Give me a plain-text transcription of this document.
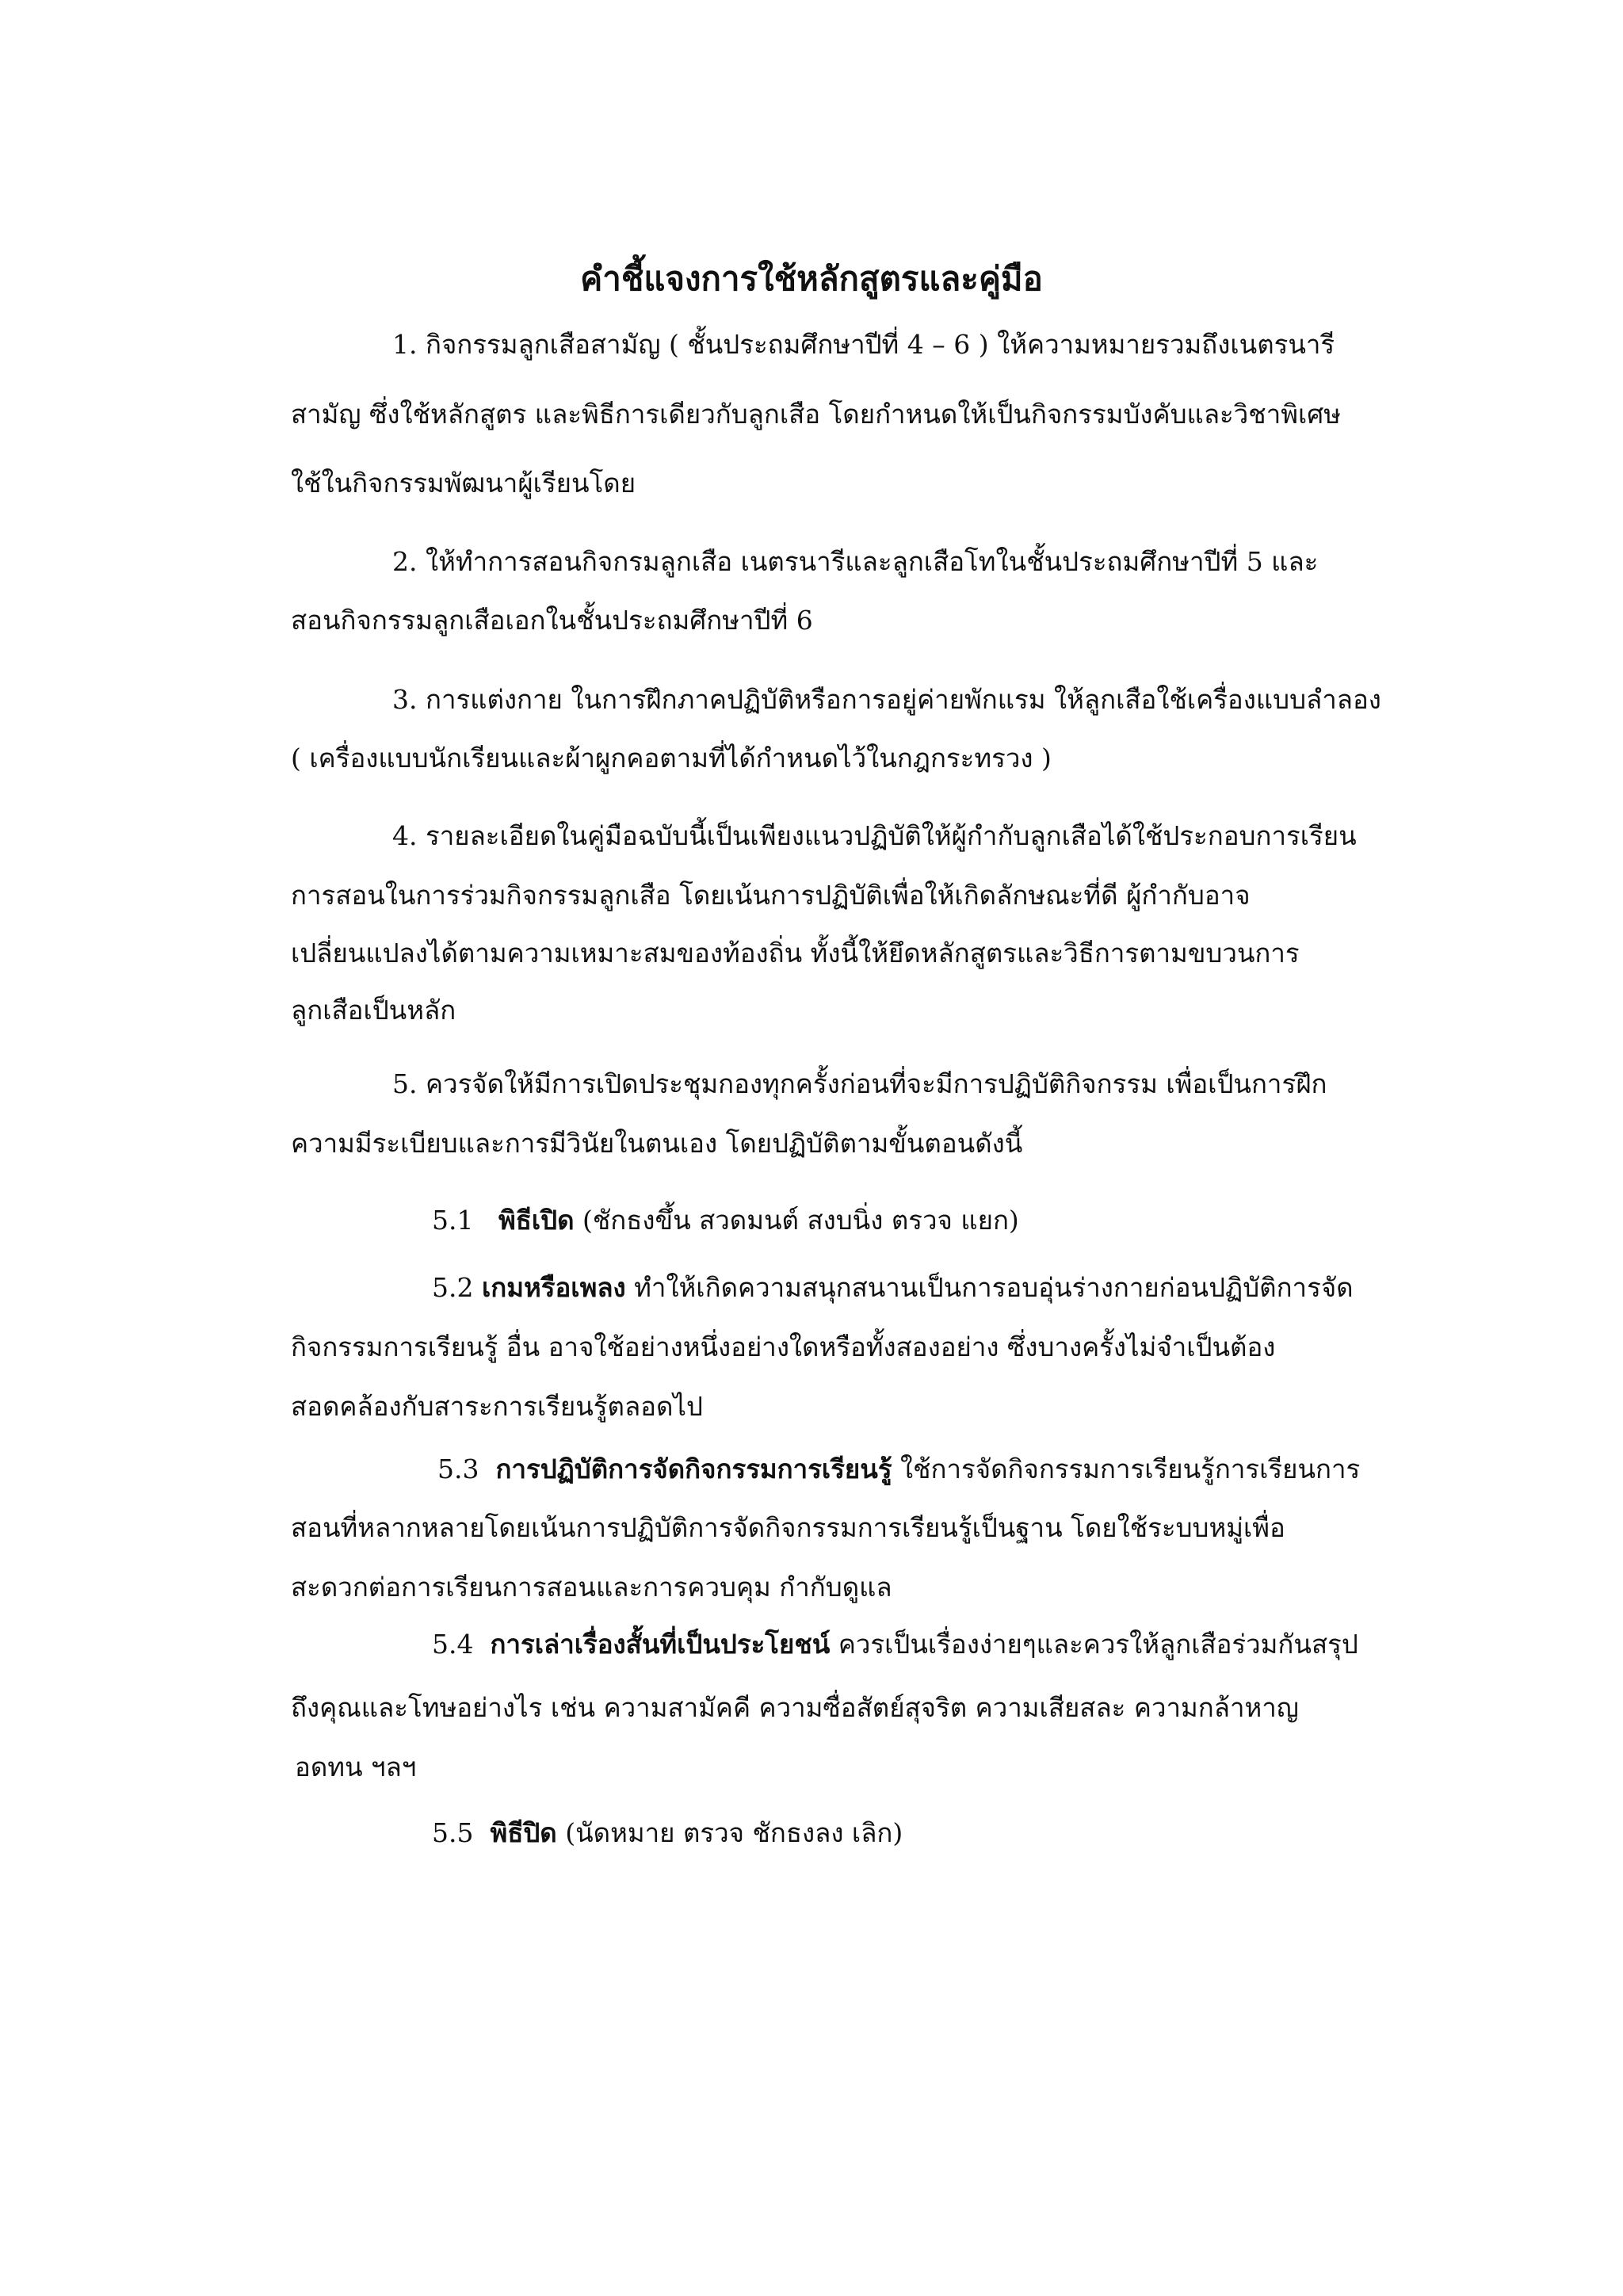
คำชี้แจงการใช้หลักสูตรและคู่มือ

1. กิจกรรมลูกเสือสามัญ ( ชั้นประถมศึกษาปีที่ 4 – 6 ) ให้ความหมายรวมถึงเนตรนารี

สามัญ ซึ่งใช้หลักสูตร และพิธีการเดียวกับลูกเสือ โดยกำหนดให้เป็นกิจกรรมบังคับและวิชาพิเศษ

ใช้ในกิจกรรมพัฒนาผู้เรียนโดย

2. ให้ทำการสอนกิจกรมลูกเสือ เนตรนารีและลูกเสือโทในชั้นประถมศึกษาปีที่ 5 และ

สอนกิจกรรมลูกเสือเอกในชั้นประถมศึกษาปีที่ 6

3. การแต่งกาย ในการฝึกภาคปฏิบัติหรือการอยู่ค่ายพักแรม ให้ลูกเสือใช้เครื่องแบบลำลอง

( เครื่องแบบนักเรียนและผ้าผูกคอตามที่ได้กำหนดไว้ในกฎกระทรวง )

4. รายละเอียดในคู่มือฉบับนี้เป็นเพียงแนวปฏิบัติให้ผู้กำกับลูกเสือได้ใช้ประกอบการเรียน

การสอนในการร่วมกิจกรรมลูกเสือ โดยเน้นการปฏิบัติเพื่อให้เกิดลักษณะที่ดี ผู้กำกับอาจ

เปลี่ยนแปลงได้ตามความเหมาะสมของท้องถิ่น ทั้งนี้ให้ยึดหลักสูตรและวิธีการตามขบวนการ

ลูกเสือเป็นหลัก

5. ควรจัดให้มีการเปิดประชุมกองทุกครั้งก่อนที่จะมีการปฏิบัติกิจกรรม เพื่อเป็นการฝึก

ความมีระเบียบและการมีวินัยในตนเอง โดยปฏิบัติตามขั้นตอนดังนี้

5.1 พิธีเปิด (ชักธงขึ้น สวดมนต์ สงบนิ่ง ตรวจ แยก)

5.2 เกมหรือเพลง ทำให้เกิดความสนุกสนานเป็นการอบอุ่นร่างกายก่อนปฏิบัติการจัด

กิจกรรมการเรียนรู้ อื่น อาจใช้อย่างหนึ่งอย่างใดหรือทั้งสองอย่าง ซึ่งบางครั้งไม่จำเป็นต้อง

สอดคล้องกับสาระการเรียนรู้ตลอดไป

5.3 การปฏิบัติการจัดกิจกรรมการเรียนรู้ ใช้การจัดกิจกรรมการเรียนรู้การเรียนการ

สอนที่หลากหลายโดยเน้นการปฏิบัติการจัดกิจกรรมการเรียนรู้เป็นฐาน โดยใช้ระบบหมู่เพื่อ

สะดวกต่อการเรียนการสอนและการควบคุม กำกับดูแล

5.4 การเล่าเรื่องสั้นที่เป็นประโยชน์ ควรเป็นเรื่องง่ายๆและควรให้ลูกเสือร่วมกันสรุป

ถึงคุณและโทษอย่างไร เช่น ความสามัคคี ความซื่อสัตย์สุจริต ความเสียสละ ความกล้าหาญ

อดทน ฯลฯ

5.5 พิธีปิด (นัดหมาย ตรวจ ชักธงลง เลิก)
